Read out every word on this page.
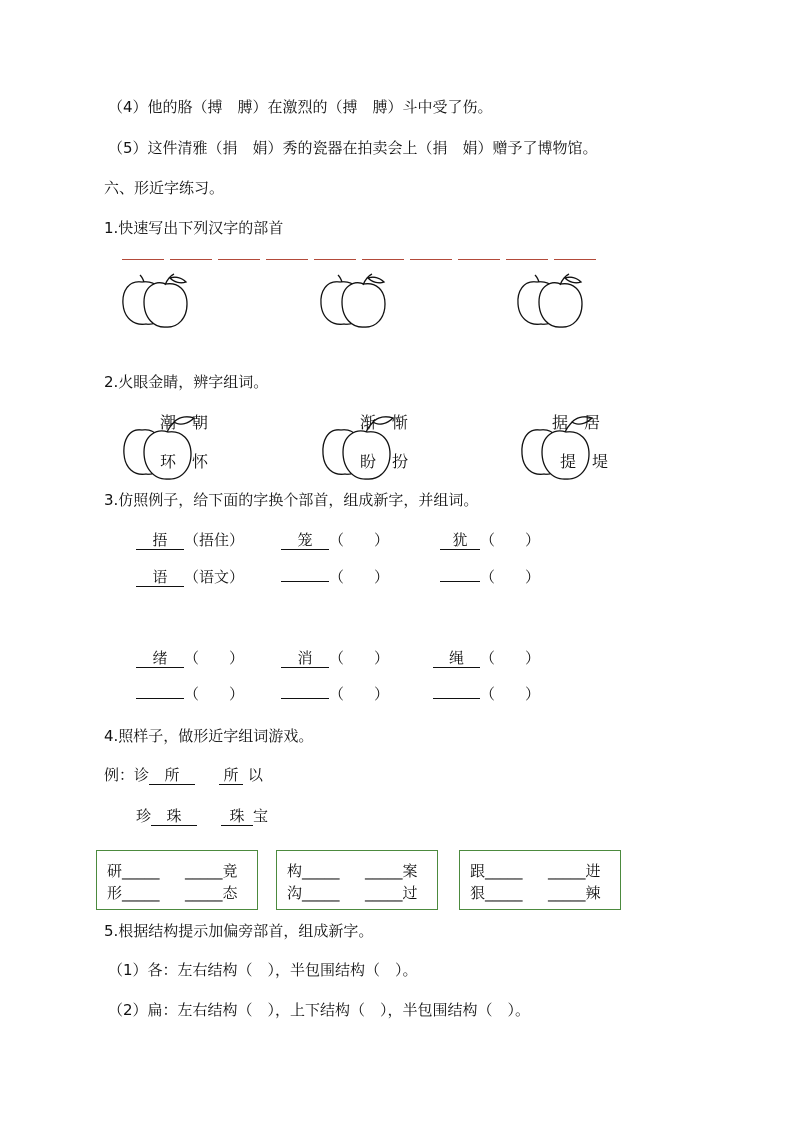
（4）他的胳（搏　膊）在激烈的（搏　膊）斗中受了伤。
（5）这件清雅（捐　娟）秀的瓷器在拍卖会上（捐　娟）赠予了博物馆。
六、形近字练习。
1.快速写出下列汉字的部首
2.火眼金睛，辨字组词。
潮 朝
环 怀
渐 惭
盼 扮
据 居
提 堤
3.仿照例子，给下面的字换个部首，组成新字，并组词。
捂 （捂住）	笼 （　　）	犹 （　　）
语 （语文）	（　　）	（　　）
绪 （　　）	消 （　　）	绳 （　　）
（　　）	（　　）	（　　）
4.照样子，做形近字组词游戏。
例：诊 所	所 以
珍 珠	珠 宝
研_____ _____竟
形_____ _____态
构_____ _____案
沟_____ _____过
跟_____ _____进
狠_____ _____辣
5.根据结构提示加偏旁部首，组成新字。
（1）各：左右结构（　），半包围结构（　）。
（2）扁：左右结构（　），上下结构（　），半包围结构（　）。
